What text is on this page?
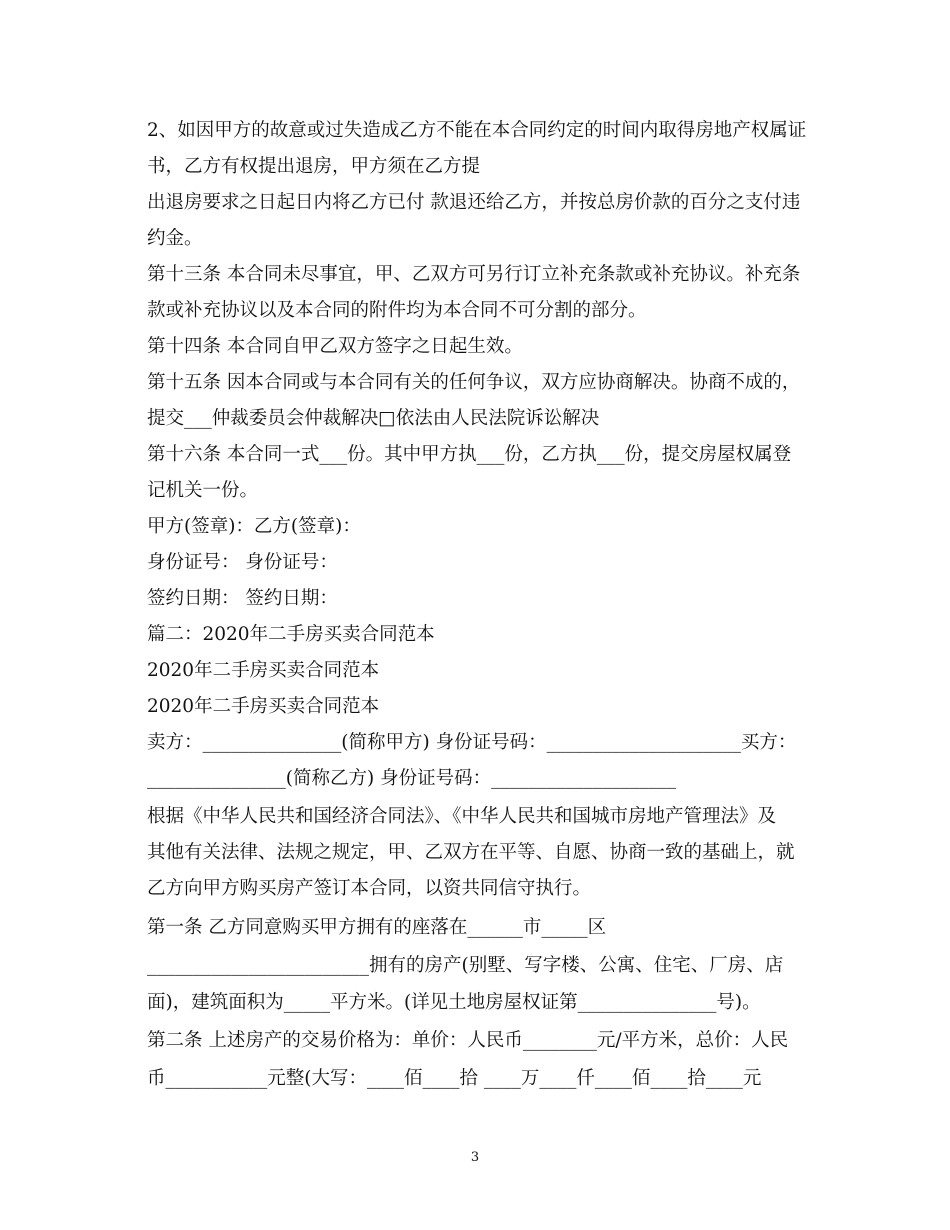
2、如因甲方的故意或过失造成乙方不能在本合同约定的时间内取得房地产权属证
书，乙方有权提出退房，甲方须在乙方提
出退房要求之日起日内将乙方已付 款退还给乙方，并按总房价款的百分之支付违
约金。
第十三条 本合同未尽事宜，甲、乙双方可另行订立补充条款或补充协议。补充条
款或补充协议以及本合同的附件均为本合同不可分割的部分。
第十四条 本合同自甲乙双方签字之日起生效。
第十五条 因本合同或与本合同有关的任何争议，双方应协商解决。协商不成的，
提交___仲裁委员会仲裁解决□依法由人民法院诉讼解决
第十六条 本合同一式___份。其中甲方执___份，乙方执___份，提交房屋权属登
记机关一份。
甲方(签章)：乙方(签章)：
身份证号： 身份证号：
签约日期： 签约日期：
篇二：2020年二手房买卖合同范本
2020年二手房买卖合同范本
2020年二手房买卖合同范本
卖方：_______________(简称甲方) 身份证号码：_____________________买方：
_______________(简称乙方) 身份证号码：____________________
根据《中华人民共和国经济合同法》、《中华人民共和国城市房地产管理法》及
其他有关法律、法规之规定，甲、乙双方在平等、自愿、协商一致的基础上，就
乙方向甲方购买房产签订本合同，以资共同信守执行。
第一条 乙方同意购买甲方拥有的座落在______市_____区
________________________拥有的房产(别墅、写字楼、公寓、住宅、厂房、店
面)，建筑面积为_____平方米。(详见土地房屋权证第_______________号)。
第二条 上述房产的交易价格为：单价：人民币________元/平方米，总价：人民
币___________元整(大写：____佰____拾 ____万____仟____佰____拾____元
3
